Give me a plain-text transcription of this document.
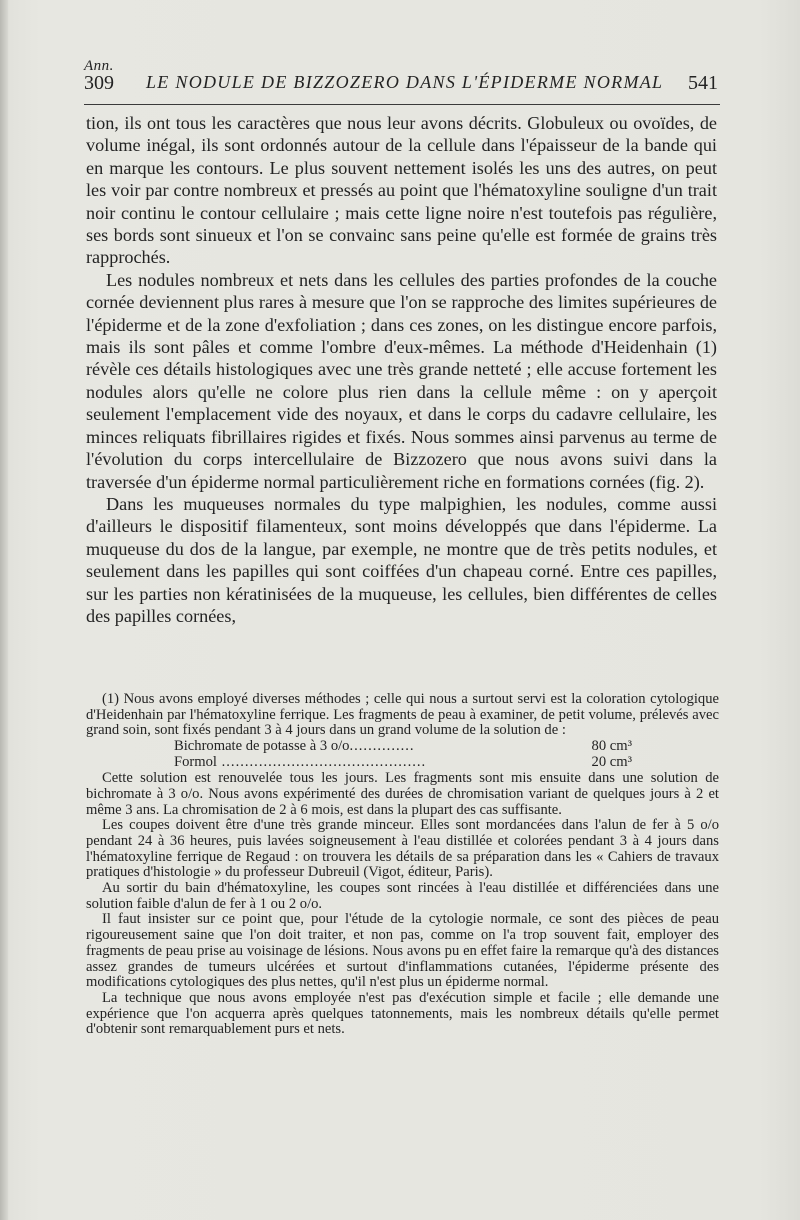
Ann.
309 LE NODULE DE BIZZOZERO DANS L'ÉPIDERME NORMAL 541

tion, ils ont tous les caractères que nous leur avons décrits. Globuleux ou ovoïdes, de volume inégal, ils sont ordonnés autour de la cellule dans l'épaisseur de la bande qui en marque les contours. Le plus souvent nettement isolés les uns des autres, on peut les voir par contre nombreux et pressés au point que l'hématoxyline souligne d'un trait noir continu le contour cellulaire ; mais cette ligne noire n'est toutefois pas régulière, ses bords sont sinueux et l'on se convainc sans peine qu'elle est formée de grains très rapprochés.

Les nodules nombreux et nets dans les cellules des parties profondes de la couche cornée deviennent plus rares à mesure que l'on se rapproche des limites supérieures de l'épiderme et de la zone d'exfoliation ; dans ces zones, on les distingue encore parfois, mais ils sont pâles et comme l'ombre d'eux-mêmes. La méthode d'Heidenhain (1) révèle ces détails histologiques avec une très grande netteté ; elle accuse fortement les nodules alors qu'elle ne colore plus rien dans la cellule même : on y aperçoit seulement l'emplacement vide des noyaux, et dans le corps du cadavre cellulaire, les minces reliquats fibrillaires rigides et fixés. Nous sommes ainsi parvenus au terme de l'évolution du corps intercellulaire de Bizzozero que nous avons suivi dans la traversée d'un épiderme normal particulièrement riche en formations cornées (fig. 2).

Dans les muqueuses normales du type malpighien, les nodules, comme aussi d'ailleurs le dispositif filamenteux, sont moins développés que dans l'épiderme. La muqueuse du dos de la langue, par exemple, ne montre que de très petits nodules, et seulement dans les papilles qui sont coiffées d'un chapeau corné. Entre ces papilles, sur les parties non kératinisées de la muqueuse, les cellules, bien différentes de celles des papilles cornées,

(1) Nous avons employé diverses méthodes ; celle qui nous a surtout servi est la coloration cytologique d'Heidenhain par l'hématoxyline ferrique. Les fragments de peau à examiner, de petit volume, prélevés avec grand soin, sont fixés pendant 3 à 4 jours dans un grand volume de la solution de :

Bichromate de potasse à 3 o/o..............	80 cm³
Formol ............................................	20 cm³

Cette solution est renouvelée tous les jours. Les fragments sont mis ensuite dans une solution de bichromate à 3 o/o. Nous avons expérimenté des durées de chromisation variant de quelques jours à 2 et même 3 ans. La chromisation de 2 à 6 mois, est dans la plupart des cas suffisante.

Les coupes doivent être d'une très grande minceur. Elles sont mordancées dans l'alun de fer à 5 o/o pendant 24 à 36 heures, puis lavées soigneusement à l'eau distillée et colorées pendant 3 à 4 jours dans l'hématoxyline ferrique de Regaud : on trouvera les détails de sa préparation dans les « Cahiers de travaux pratiques d'histologie » du professeur Dubreuil (Vigot, éditeur, Paris).

Au sortir du bain d'hématoxyline, les coupes sont rincées à l'eau distillée et différenciées dans une solution faible d'alun de fer à 1 ou 2 o/o.

Il faut insister sur ce point que, pour l'étude de la cytologie normale, ce sont des pièces de peau rigoureusement saine que l'on doit traiter, et non pas, comme on l'a trop souvent fait, employer des fragments de peau prise au voisinage de lésions. Nous avons pu en effet faire la remarque qu'à des distances assez grandes de tumeurs ulcérées et surtout d'inflammations cutanées, l'épiderme présente des modifications cytologiques des plus nettes, qu'il n'est plus un épiderme normal.

La technique que nous avons employée n'est pas d'exécution simple et facile ; elle demande une expérience que l'on acquerra après quelques tatonnements, mais les nombreux détails qu'elle permet d'obtenir sont remarquablement purs et nets.
